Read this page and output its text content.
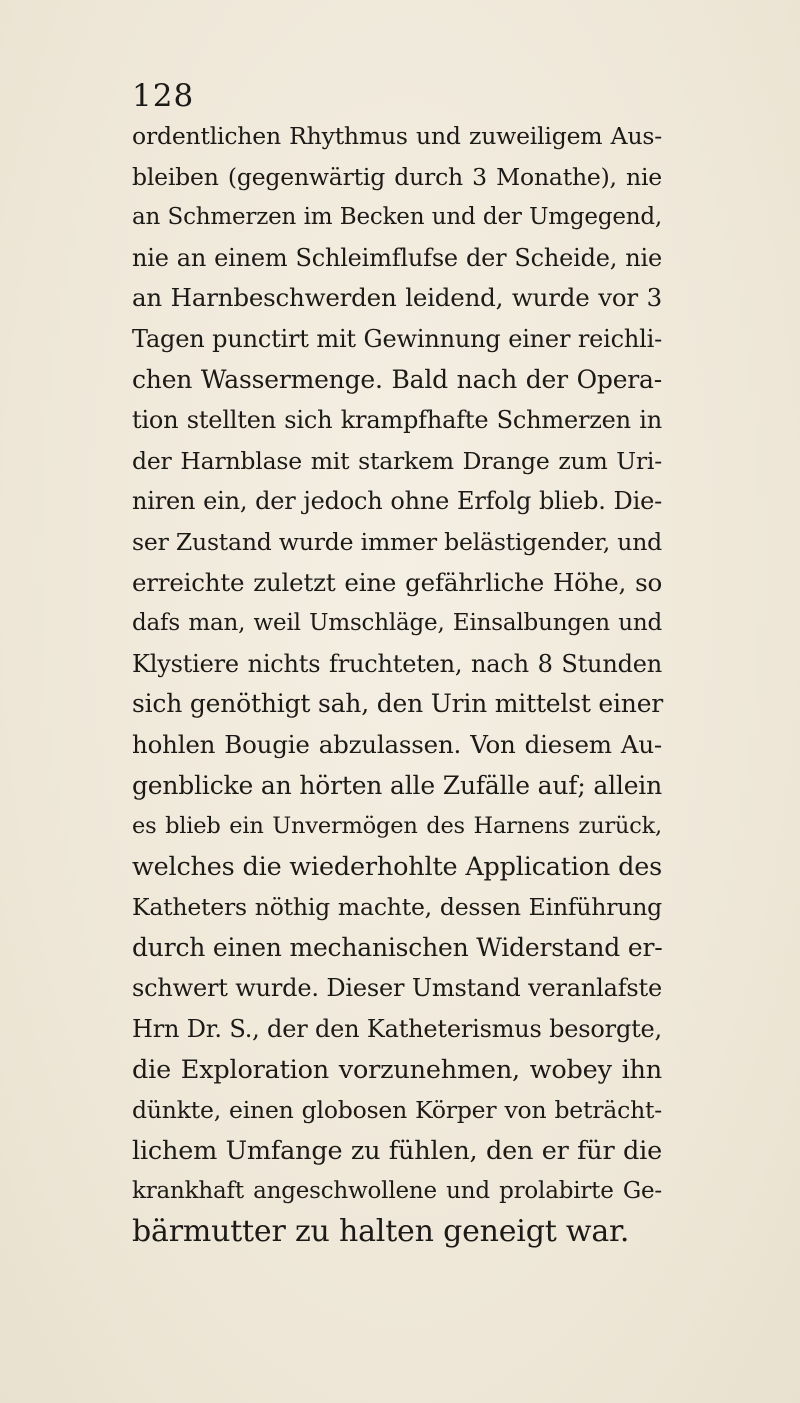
128
ordentlichen Rhythmus und zuweiligem Aus-
bleiben (gegenwärtig durch 3 Monathe), nie
an Schmerzen im Becken und der Umgegend,
nie an einem Schleimflufse der Scheide, nie
an Harnbeschwerden leidend, wurde vor 3
Tagen punctirt mit Gewinnung einer reichli-
chen Wassermenge. Bald nach der Opera-
tion stellten sich krampfhafte Schmerzen in
der Harnblase mit starkem Drange zum Uri-
niren ein, der jedoch ohne Erfolg blieb. Die-
ser Zustand wurde immer belästigender, und
erreichte zuletzt eine gefährliche Höhe, so
dafs man, weil Umschläge, Einsalbungen und
Klystiere nichts fruchteten, nach 8 Stunden
sich genöthigt sah, den Urin mittelst einer
hohlen Bougie abzulassen. Von diesem Au-
genblicke an hörten alle Zufälle auf; allein
es blieb ein Unvermögen des Harnens zurück,
welches die wiederhohlte Application des
Katheters nöthig machte, dessen Einführung
durch einen mechanischen Widerstand er-
schwert wurde. Dieser Umstand veranlafste
Hrn Dr. S., der den Katheterismus besorgte,
die Exploration vorzunehmen, wobey ihn
dünkte, einen globosen Körper von beträcht-
lichem Umfange zu fühlen, den er für die
krankhaft angeschwollene und prolabirte Ge-
bärmutter zu halten geneigt war.
